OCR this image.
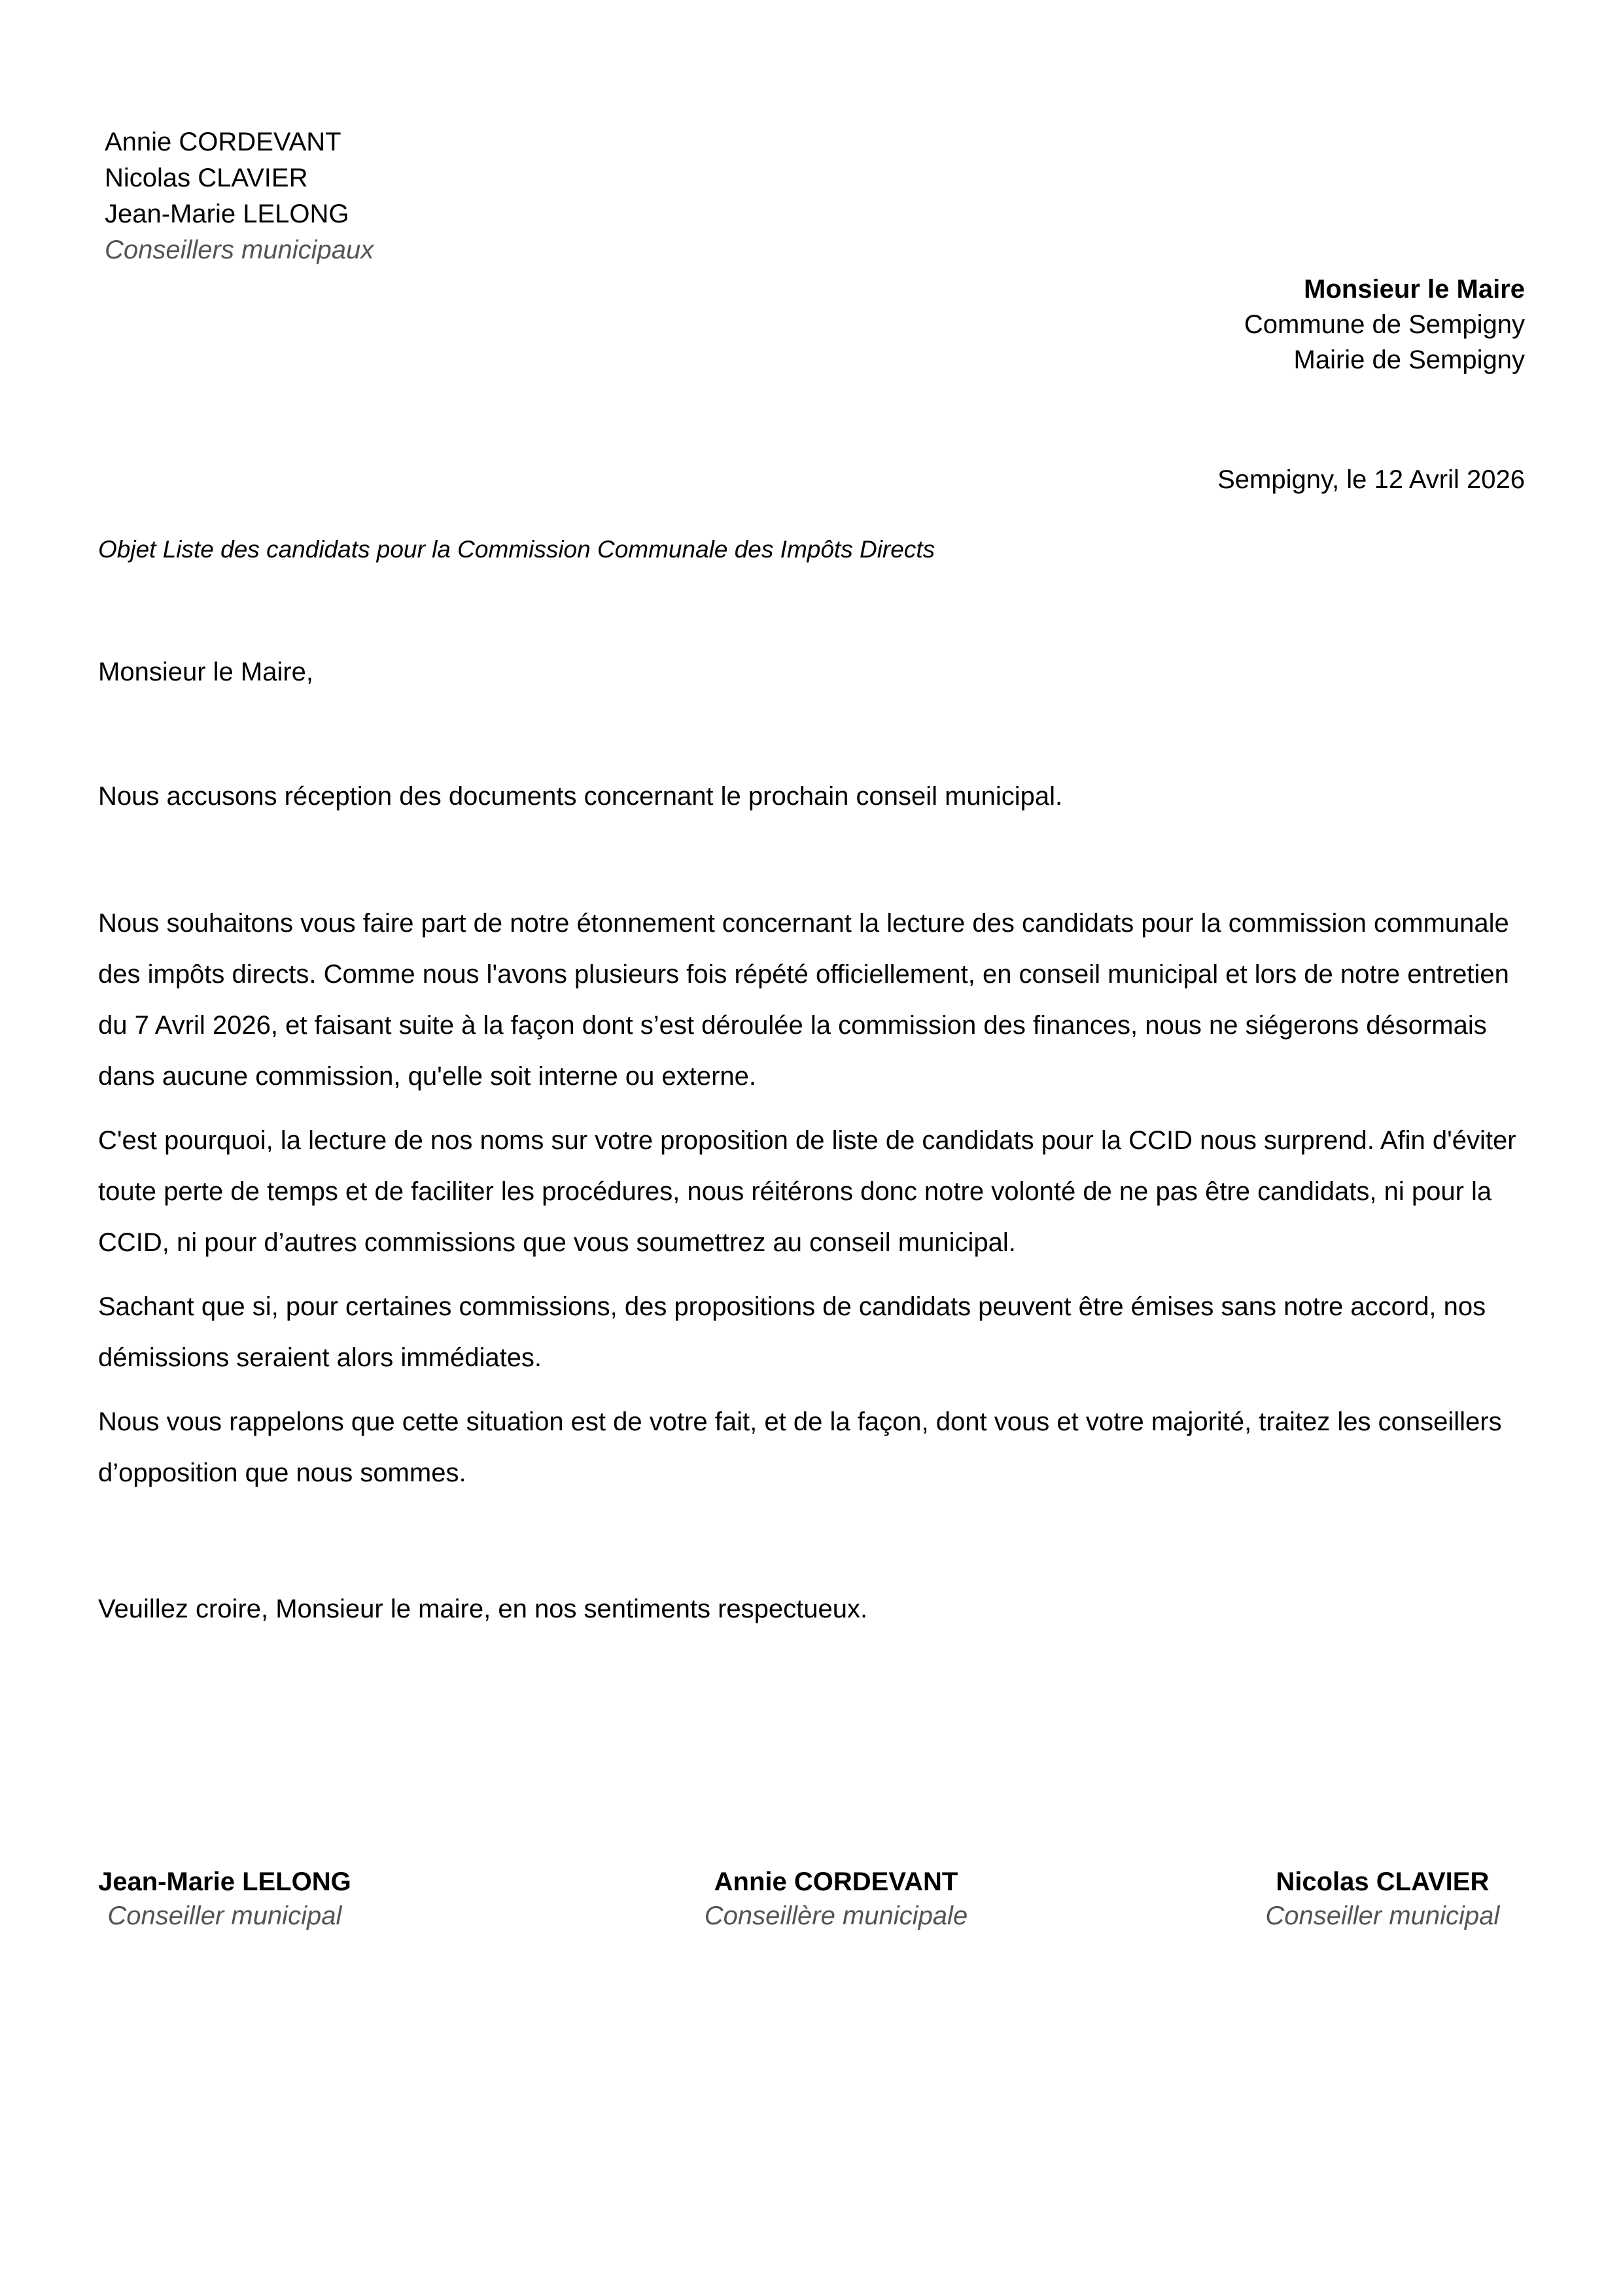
Annie CORDEVANT
Nicolas CLAVIER
Jean-Marie LELONG
Conseillers municipaux
Monsieur le Maire
Commune de Sempigny
Mairie de Sempigny
Sempigny, le 12 Avril 2026
Objet Liste des candidats pour la Commission Communale des Impôts Directs
Monsieur le Maire,
Nous accusons réception des documents concernant le prochain conseil municipal.

Nous souhaitons vous faire part de notre étonnement concernant la lecture des candidats pour la commission communale des impôts directs. Comme nous l'avons plusieurs fois répété officiellement, en conseil municipal et lors de notre entretien du 7 Avril 2026, et faisant suite à la façon dont s’est déroulée la commission des finances, nous ne siégerons désormais dans aucune commission, qu'elle soit interne ou externe.

C'est pourquoi, la lecture de nos noms sur votre proposition de liste de candidats pour la CCID nous surprend. Afin d'éviter toute perte de temps et de faciliter les procédures, nous réitérons donc notre volonté de ne pas être candidats, ni pour la CCID, ni pour d’autres commissions que vous soumettrez au conseil municipal.

Sachant que si, pour certaines commissions, des propositions de candidats peuvent être émises sans notre accord, nos démissions seraient alors immédiates.

Nous vous rappelons que cette situation est de votre fait, et de la façon, dont vous et votre majorité, traitez les conseillers d’opposition que nous sommes.

Veuillez croire, Monsieur le maire, en nos sentiments respectueux.
Jean-Marie LELONG
Conseiller municipal
Annie CORDEVANT
Conseillère municipale
Nicolas CLAVIER
Conseiller municipal
